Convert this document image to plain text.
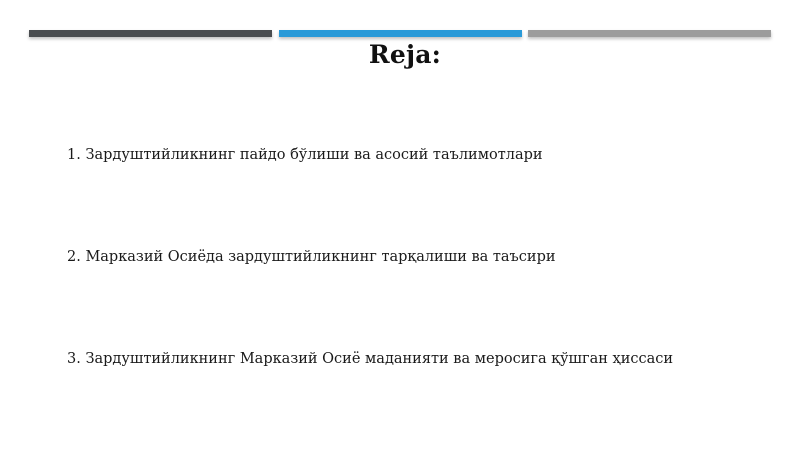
Reja:
1. Зардуштийликнинг пайдо бўлиши ва асосий таълимотлари
2. Марказий Осиёда зардуштийликнинг тарқалиши ва таъсири
3. Зардуштийликнинг Марказий Осиё маданияти ва меросига қўшган ҳиссаси
